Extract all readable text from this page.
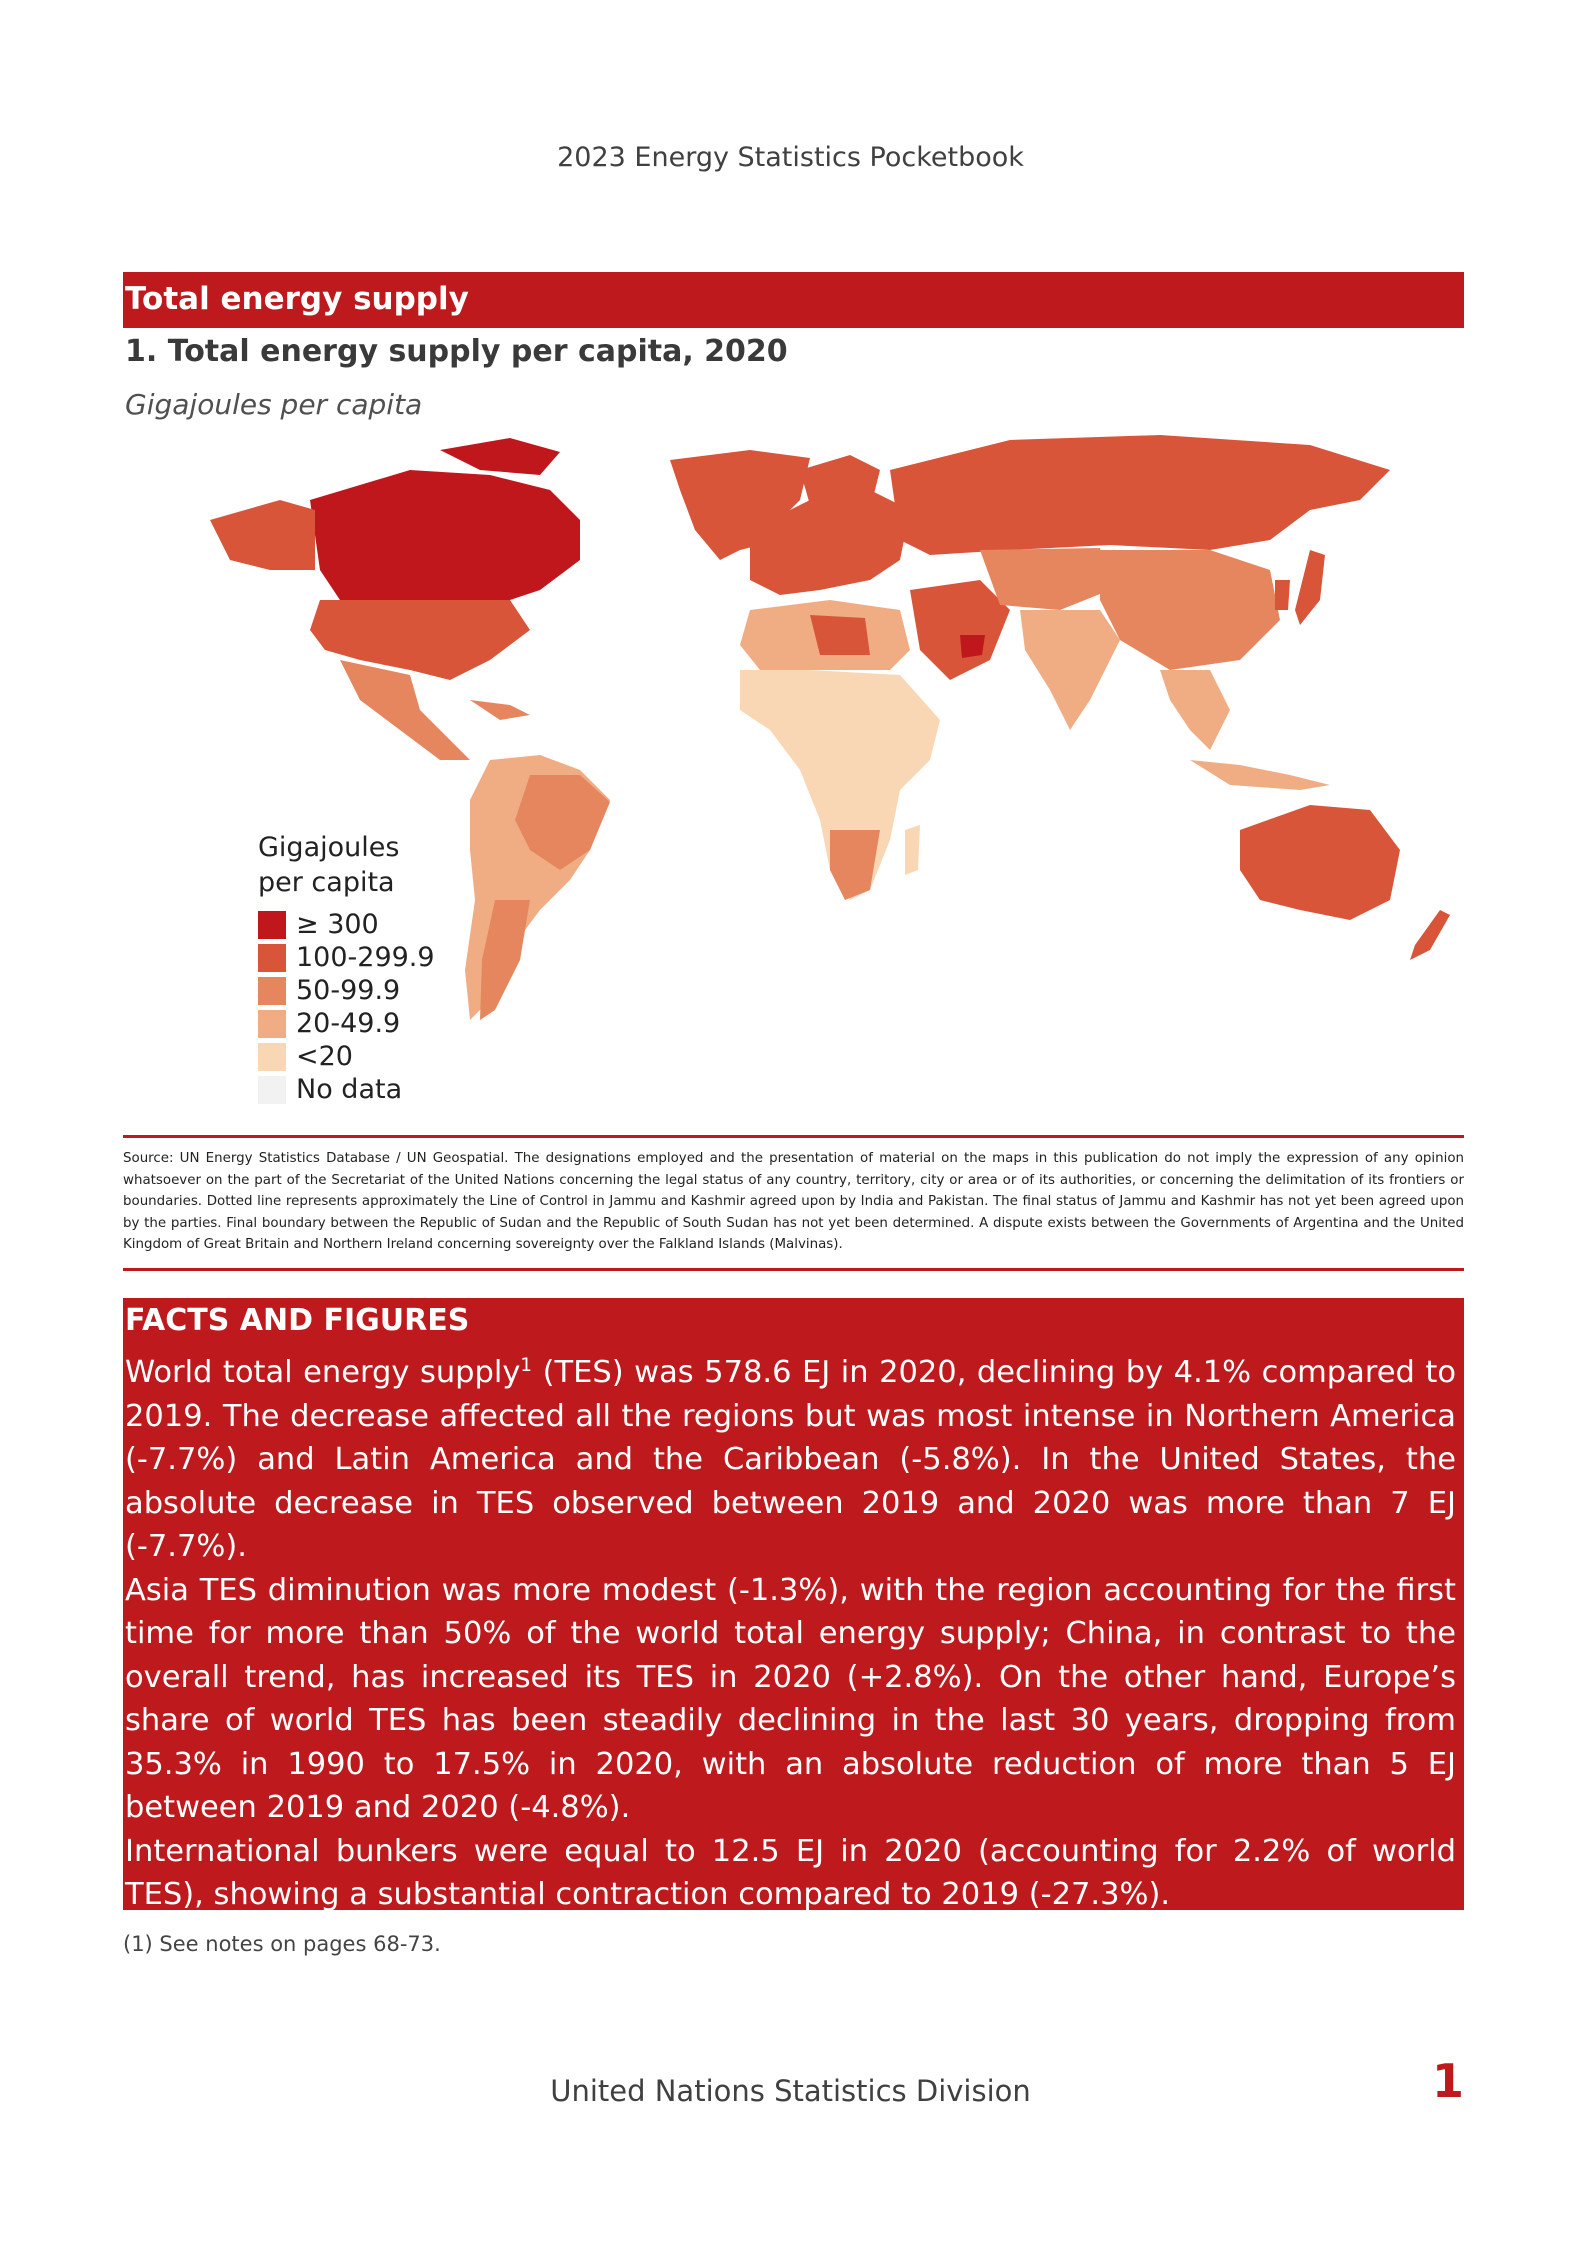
2023 Energy Statistics Pocketbook
Total energy supply
1. Total energy supply per capita, 2020
Gigajoules per capita
Gigajoules
per capita
≥ 300
100-299.9
50-99.9
20-49.9
<20
No data
Source: UN Energy Statistics Database / UN Geospatial. The designations employed and the presentation of material on the maps in this publication do not imply the expression of any opinion whatsoever on the part of the Secretariat of the United Nations concerning the legal status of any country, territory, city or area or of its authorities, or concerning the delimitation of its frontiers or boundaries. Dotted line represents approximately the Line of Control in Jammu and Kashmir agreed upon by India and Pakistan. The final status of Jammu and Kashmir has not yet been agreed upon by the parties. Final boundary between the Republic of Sudan and the Republic of South Sudan has not yet been determined. A dispute exists between the Governments of Argentina and the United Kingdom of Great Britain and Northern Ireland concerning sovereignty over the Falkland Islands (Malvinas).
FACTS AND FIGURES

World total energy supply$^1$ (TES) was 578.6 EJ in 2020, declining by 4.1% compared to 2019. The decrease affected all the regions but was most intense in Northern America (-7.7%) and Latin America and the Caribbean (-5.8%). In the United States, the absolute decrease in TES observed between 2019 and 2020 was more than 7 EJ (-7.7%).

Asia TES diminution was more modest (-1.3%), with the region accounting for the first time for more than 50% of the world total energy supply; China, in contrast to the overall trend, has increased its TES in 2020 (+2.8%). On the other hand, Europe’s share of world TES has been steadily declining in the last 30 years, dropping from 35.3% in 1990 to 17.5% in 2020, with an absolute reduction of more than 5 EJ between 2019 and 2020 (-4.8%).

International bunkers were equal to 12.5 EJ in 2020 (accounting for 2.2% of world TES), showing a substantial contraction compared to 2019 (-27.3%).

(1) See notes on pages 68-73.
United Nations Statistics Division	1
